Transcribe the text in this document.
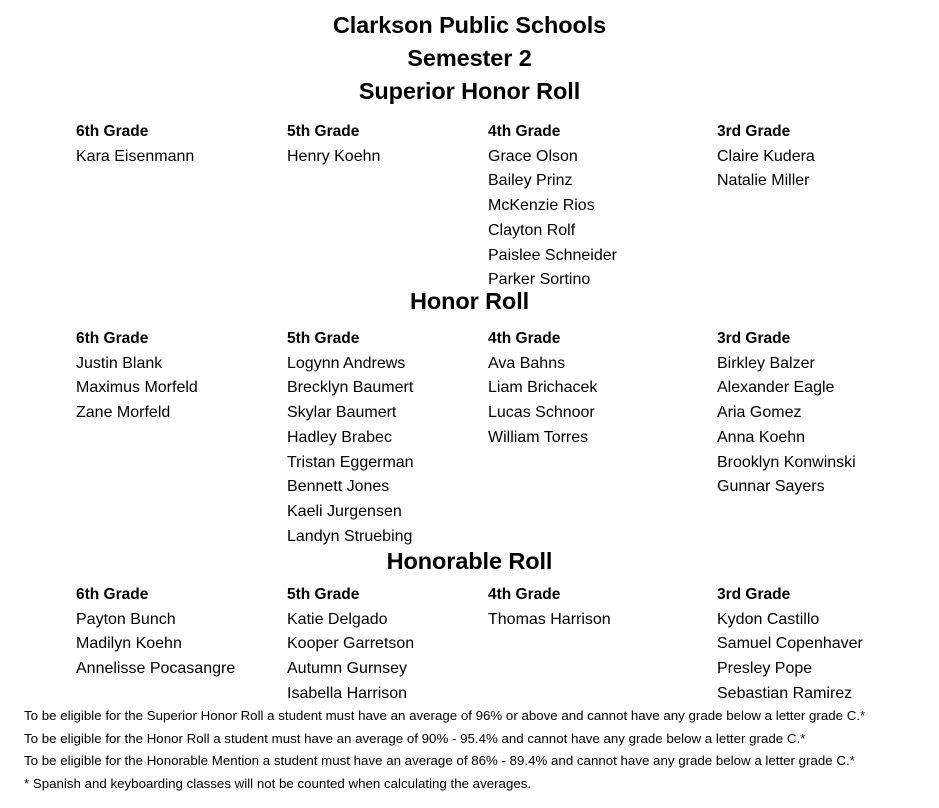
Clarkson Public Schools
Semester 2
Superior Honor Roll
6th Grade
Kara Eisenmann
5th Grade
Henry Koehn
4th Grade
Grace Olson
Bailey Prinz
McKenzie Rios
Clayton Rolf
Paislee Schneider
Parker Sortino
3rd Grade
Claire Kudera
Natalie Miller
Honor Roll
6th Grade
Justin Blank
Maximus Morfeld
Zane Morfeld
5th Grade
Logynn Andrews
Brecklyn Baumert
Skylar Baumert
Hadley Brabec
Tristan Eggerman
Bennett Jones
Kaeli Jurgensen
Landyn Struebing
4th Grade
Ava Bahns
Liam Brichacek
Lucas Schnoor
William Torres
3rd Grade
Birkley Balzer
Alexander Eagle
Aria Gomez
Anna Koehn
Brooklyn Konwinski
Gunnar Sayers
Honorable Roll
6th Grade
Payton Bunch
Madilyn Koehn
Annelisse Pocasangre
5th Grade
Katie Delgado
Kooper Garretson
Autumn Gurnsey
Isabella Harrison
4th Grade
Thomas Harrison
3rd Grade
Kydon Castillo
Samuel Copenhaver
Presley Pope
Sebastian Ramirez
To be eligible for the Superior Honor Roll a student must have an average of 96% or above and cannot have any grade below a letter grade C.*
To be eligible for the Honor Roll a student must have an average of 90% - 95.4% and cannot have any grade below a letter grade C.*
To be eligible for the Honorable Mention a student must have an average of 86% - 89.4% and cannot have any grade below a letter grade C.*
* Spanish and keyboarding classes will not be counted when calculating the averages.
